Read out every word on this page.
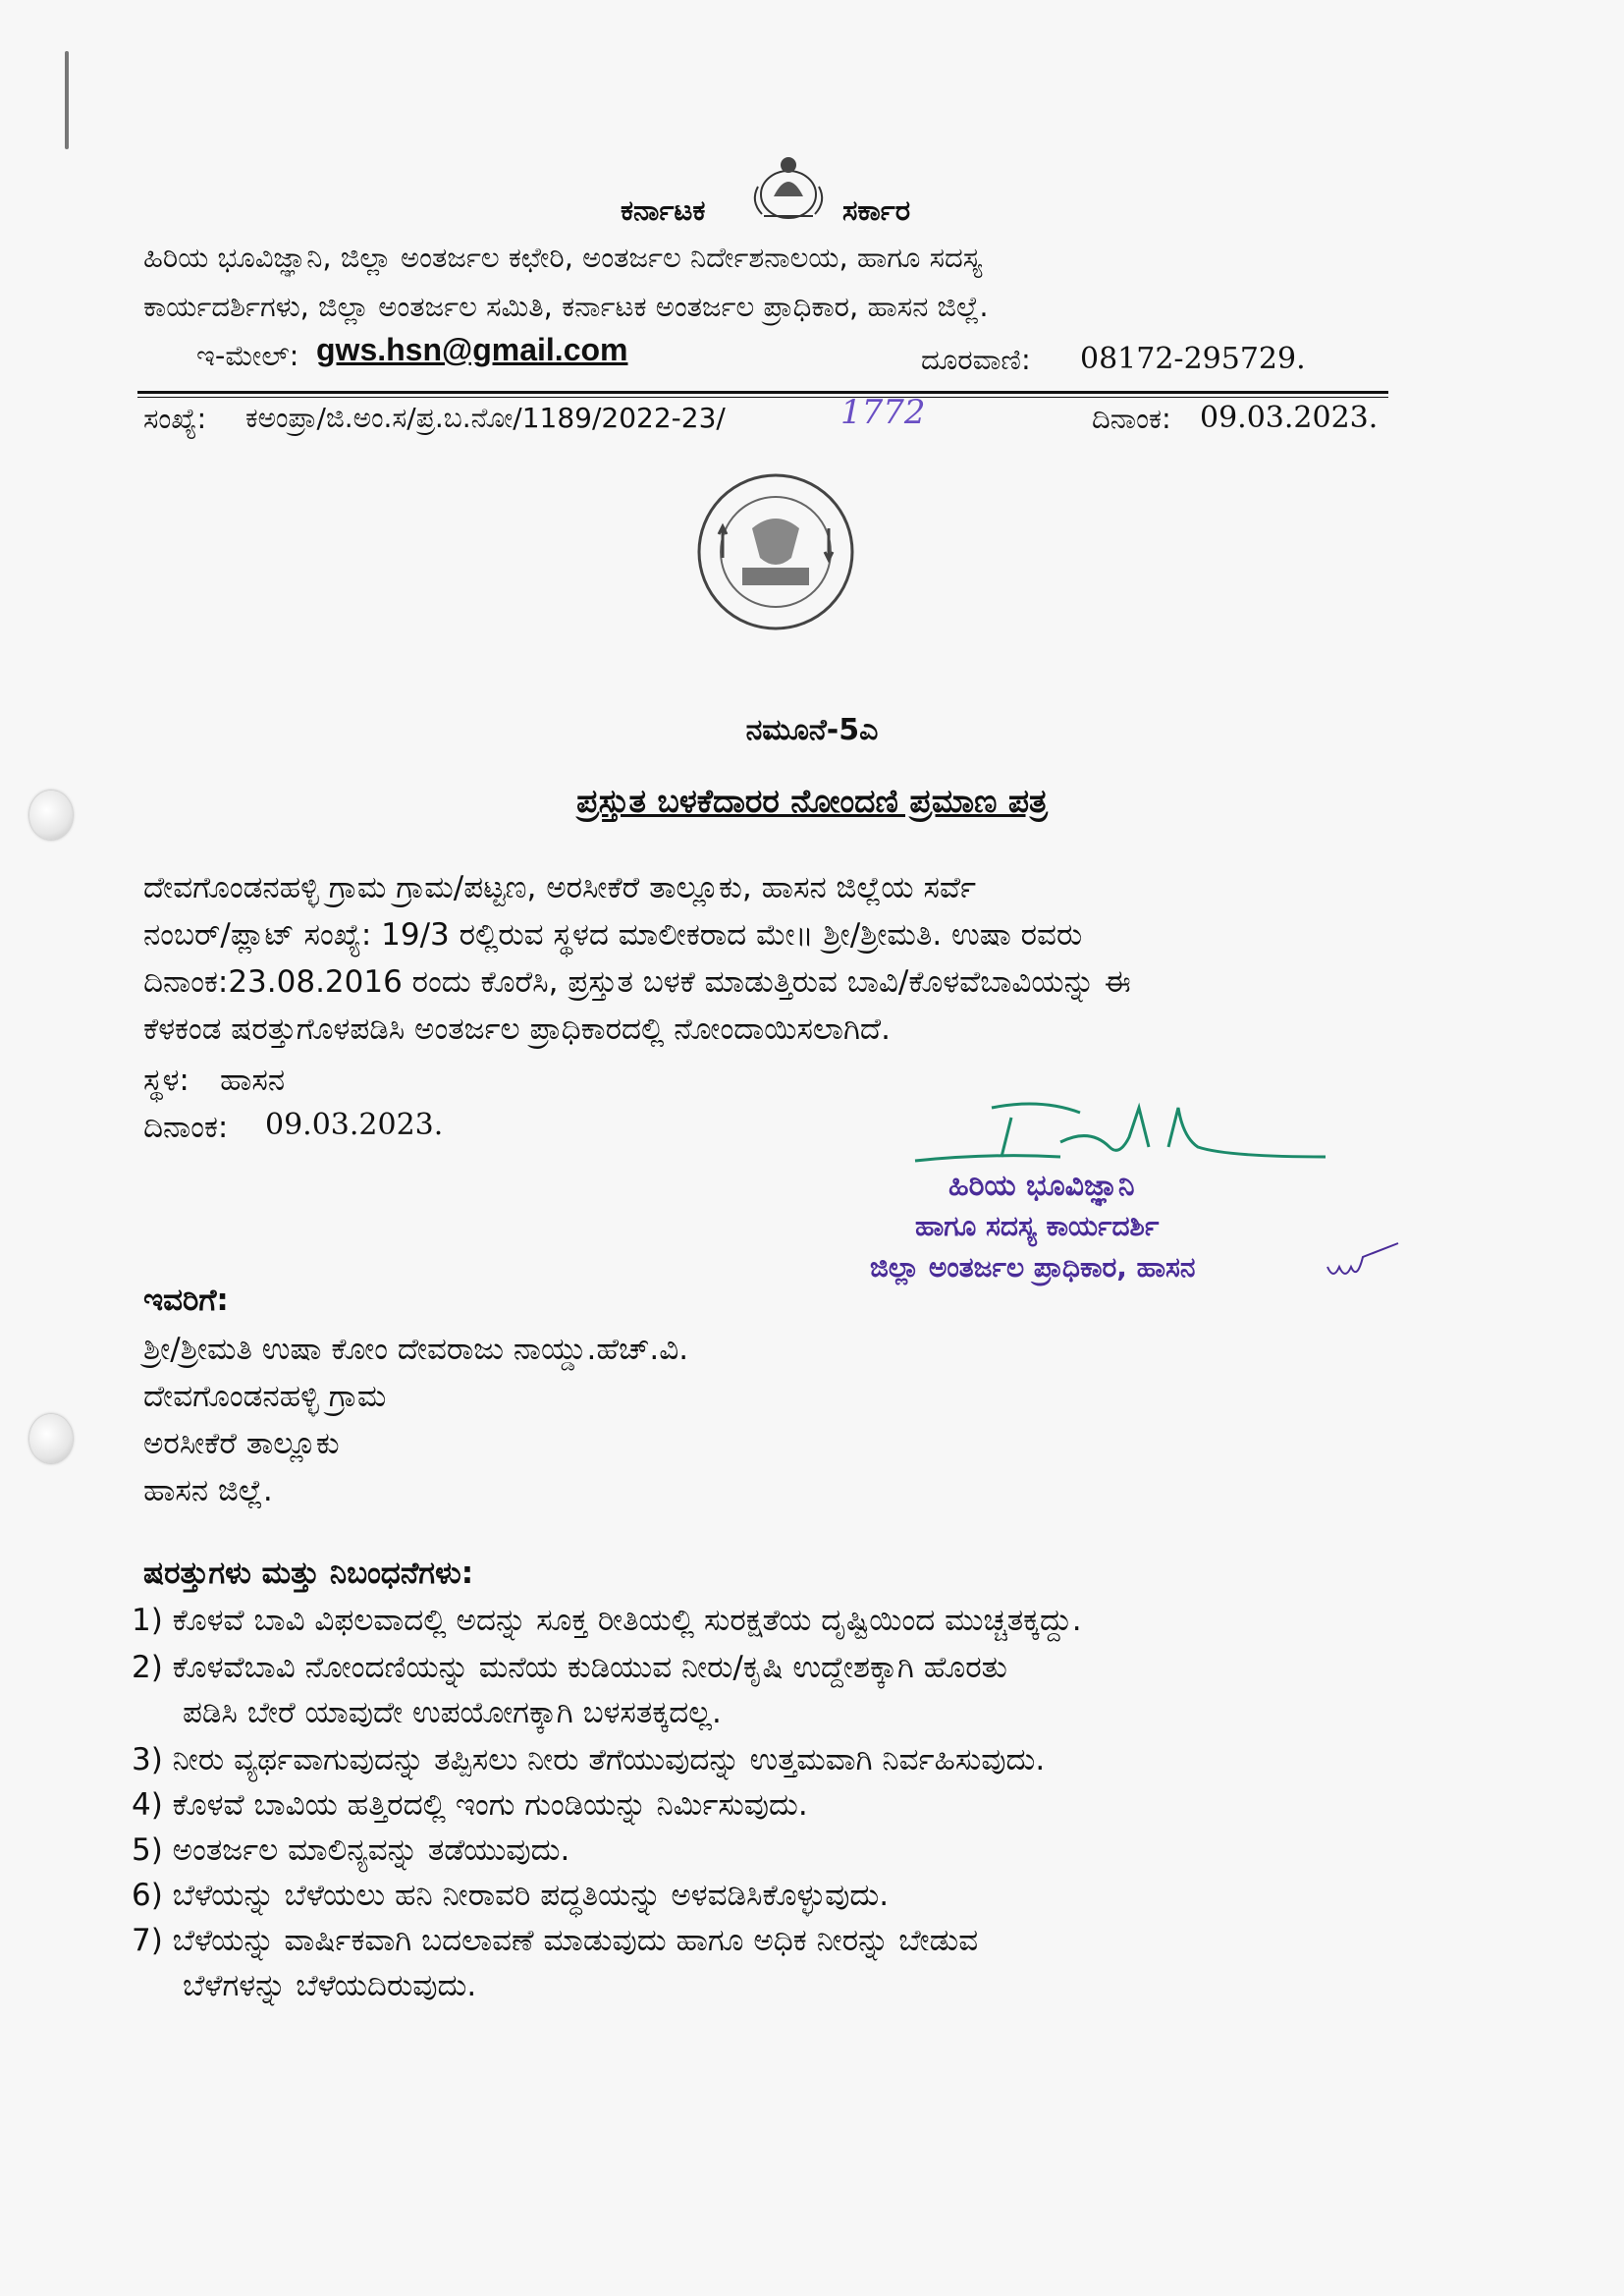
ಕರ್ನಾಟಕ	ಸರ್ಕಾರ
ಹಿರಿಯ ಭೂವಿಜ್ಞಾನಿ, ಜಿಲ್ಲಾ ಅಂತರ್ಜಲ ಕಛೇರಿ, ಅಂತರ್ಜಲ ನಿರ್ದೇಶನಾಲಯ, ಹಾಗೂ ಸದಸ್ಯ
ಕಾರ್ಯದರ್ಶಿಗಳು, ಜಿಲ್ಲಾ ಅಂತರ್ಜಲ ಸಮಿತಿ, ಕರ್ನಾಟಕ ಅಂತರ್ಜಲ ಪ್ರಾಧಿಕಾರ, ಹಾಸನ ಜಿಲ್ಲೆ.
ಇ-ಮೇಲ್: gws.hsn@gmail.com	ದೂರವಾಣಿ: 08172-295729.
ಸಂಖ್ಯೆ: ಕಅಂಪ್ರಾ/ಜಿ.ಅಂ.ಸ/ಪ್ರ.ಬ.ನೋ/1189/2022-23/	1772	ದಿನಾಂಕ: 09.03.2023.
ನಮೂನೆ-5ಎ
ಪ್ರಸ್ತುತ ಬಳಕೆದಾರರ ನೋಂದಣಿ ಪ್ರಮಾಣ ಪತ್ರ
ದೇವಗೊಂಡನಹಳ್ಳಿ ಗ್ರಾಮ ಗ್ರಾಮ/ಪಟ್ಟಣ, ಅರಸೀಕೆರೆ ತಾಲ್ಲೂಕು, ಹಾಸನ ಜಿಲ್ಲೆಯ ಸರ್ವೆ
ನಂಬರ್/ಪ್ಲಾಟ್ ಸಂಖ್ಯೆ: 19/3 ರಲ್ಲಿರುವ ಸ್ಥಳದ ಮಾಲೀಕರಾದ ಮೇ॥ ಶ್ರೀ/ಶ್ರೀಮತಿ. ಉಷಾ ರವರು
ದಿನಾಂಕ:23.08.2016 ರಂದು ಕೊರೆಸಿ, ಪ್ರಸ್ತುತ ಬಳಕೆ ಮಾಡುತ್ತಿರುವ ಬಾವಿ/ಕೊಳವೆಬಾವಿಯನ್ನು ಈ
ಕೆಳಕಂಡ ಷರತ್ತುಗೊಳಪಡಿಸಿ ಅಂತರ್ಜಲ ಪ್ರಾಧಿಕಾರದಲ್ಲಿ ನೋಂದಾಯಿಸಲಾಗಿದೆ.
ಸ್ಥಳ: ಹಾಸನ
ದಿನಾಂಕ: 09.03.2023.
ಹಿರಿಯ ಭೂವಿಜ್ಞಾನಿ
ಹಾಗೂ ಸದಸ್ಯ ಕಾರ್ಯದರ್ಶಿ
ಜಿಲ್ಲಾ ಅಂತರ್ಜಲ ಪ್ರಾಧಿಕಾರ, ಹಾಸನ
ಇವರಿಗೆ:
ಶ್ರೀ/ಶ್ರೀಮತಿ ಉಷಾ ಕೋಂ ದೇವರಾಜು ನಾಯ್ಡು.ಹೆಚ್.ವಿ.
ದೇವಗೊಂಡನಹಳ್ಳಿ ಗ್ರಾಮ
ಅರಸೀಕೆರೆ ತಾಲ್ಲೂಕು
ಹಾಸನ ಜಿಲ್ಲೆ.
ಷರತ್ತುಗಳು ಮತ್ತು ನಿಬಂಧನೆಗಳು:
1) ಕೊಳವೆ ಬಾವಿ ವಿಫಲವಾದಲ್ಲಿ ಅದನ್ನು ಸೂಕ್ತ ರೀತಿಯಲ್ಲಿ ಸುರಕ್ಷತೆಯ ದೃಷ್ಟಿಯಿಂದ ಮುಚ್ಚತಕ್ಕದ್ದು.
2) ಕೊಳವೆಬಾವಿ ನೋಂದಣಿಯನ್ನು ಮನೆಯ ಕುಡಿಯುವ ನೀರು/ಕೃಷಿ ಉದ್ದೇಶಕ್ಕಾಗಿ ಹೊರತು
ಪಡಿಸಿ ಬೇರೆ ಯಾವುದೇ ಉಪಯೋಗಕ್ಕಾಗಿ ಬಳಸತಕ್ಕದಲ್ಲ.
3) ನೀರು ವ್ಯರ್ಥವಾಗುವುದನ್ನು ತಪ್ಪಿಸಲು ನೀರು ತೆಗೆಯುವುದನ್ನು ಉತ್ತಮವಾಗಿ ನಿರ್ವಹಿಸುವುದು.
4) ಕೊಳವೆ ಬಾವಿಯ ಹತ್ತಿರದಲ್ಲಿ ಇಂಗು ಗುಂಡಿಯನ್ನು ನಿರ್ಮಿಸುವುದು.
5) ಅಂತರ್ಜಲ ಮಾಲಿನ್ಯವನ್ನು ತಡೆಯುವುದು.
6) ಬೆಳೆಯನ್ನು ಬೆಳೆಯಲು ಹನಿ ನೀರಾವರಿ ಪದ್ಧತಿಯನ್ನು ಅಳವಡಿಸಿಕೊಳ್ಳುವುದು.
7) ಬೆಳೆಯನ್ನು ವಾರ್ಷಿಕವಾಗಿ ಬದಲಾವಣೆ ಮಾಡುವುದು ಹಾಗೂ ಅಧಿಕ ನೀರನ್ನು ಬೇಡುವ
ಬೆಳೆಗಳನ್ನು ಬೆಳೆಯದಿರುವುದು.
